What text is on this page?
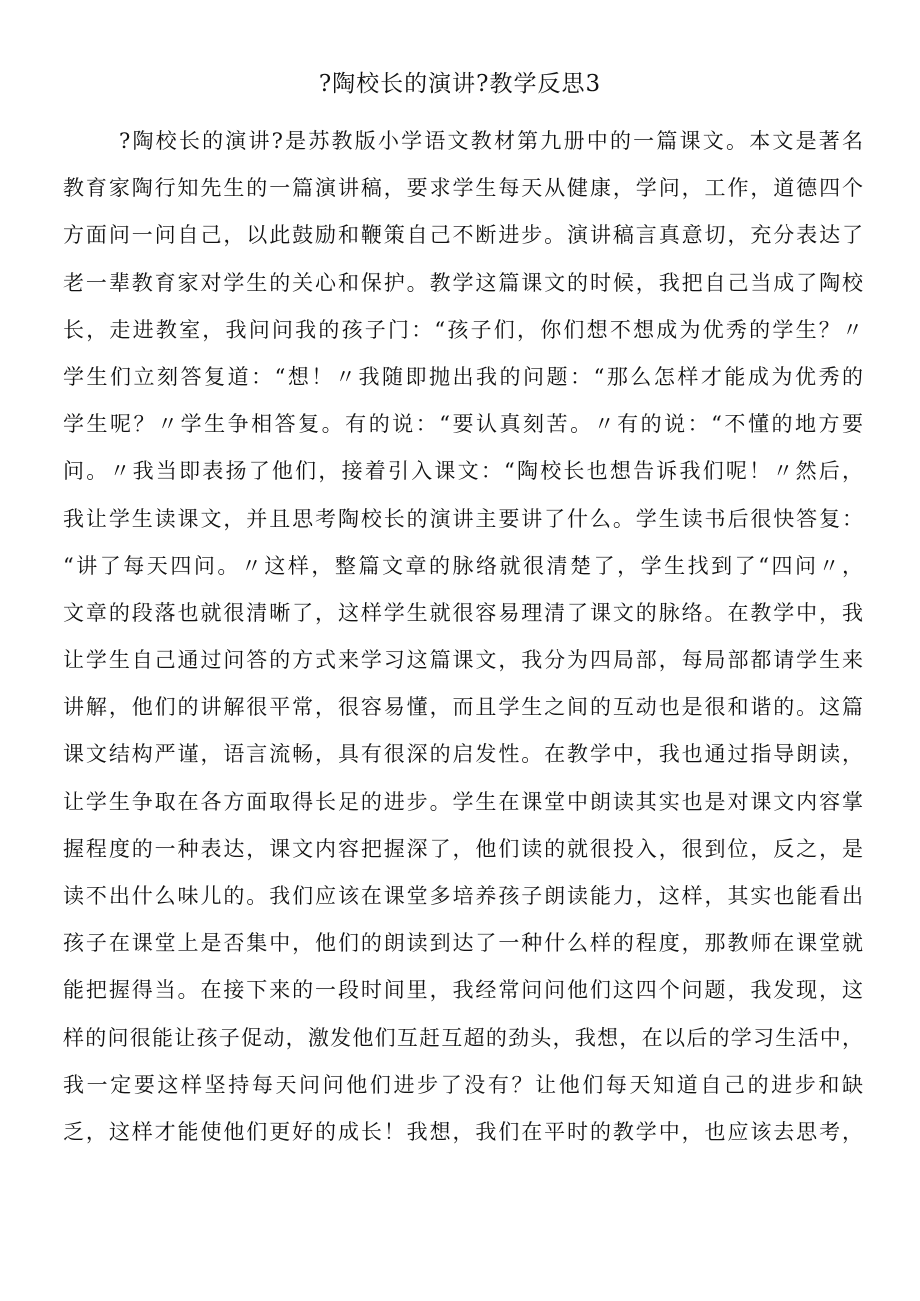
?陶校长的演讲?教学反思3
?陶校长的演讲?是苏教版小学语文教材第九册中的一篇课文。本文是著名
教育家陶行知先生的一篇演讲稿，要求学生每天从健康，学问，工作，道德四个
方面问一问自己，以此鼓励和鞭策自己不断进步。演讲稿言真意切，充分表达了
老一辈教育家对学生的关心和保护。教学这篇课文的时候，我把自己当成了陶校
长，走进教室，我问问我的孩子门：“孩子们，你们想不想成为优秀的学生？〃
学生们立刻答复道：“想！〃我随即抛出我的问题：“那么怎样才能成为优秀的
学生呢？〃学生争相答复。有的说：“要认真刻苦。〃有的说：“不懂的地方要
问。〃我当即表扬了他们，接着引入课文：“陶校长也想告诉我们呢！〃然后，
我让学生读课文，并且思考陶校长的演讲主要讲了什么。学生读书后很快答复：
“讲了每天四问。〃这样，整篇文章的脉络就很清楚了，学生找到了“四问〃，
文章的段落也就很清晰了，这样学生就很容易理清了课文的脉络。在教学中，我
让学生自己通过问答的方式来学习这篇课文，我分为四局部，每局部都请学生来
讲解，他们的讲解很平常，很容易懂，而且学生之间的互动也是很和谐的。这篇
课文结构严谨，语言流畅，具有很深的启发性。在教学中，我也通过指导朗读，
让学生争取在各方面取得长足的进步。学生在课堂中朗读其实也是对课文内容掌
握程度的一种表达，课文内容把握深了，他们读的就很投入，很到位，反之，是
读不出什么味儿的。我们应该在课堂多培养孩子朗读能力，这样，其实也能看出
孩子在课堂上是否集中，他们的朗读到达了一种什么样的程度，那教师在课堂就
能把握得当。在接下来的一段时间里，我经常问问他们这四个问题，我发现，这
样的问很能让孩子促动，激发他们互赶互超的劲头，我想，在以后的学习生活中，
我一定要这样坚持每天问问他们进步了没有？让他们每天知道自己的进步和缺
乏，这样才能使他们更好的成长！我想，我们在平时的教学中，也应该去思考，
